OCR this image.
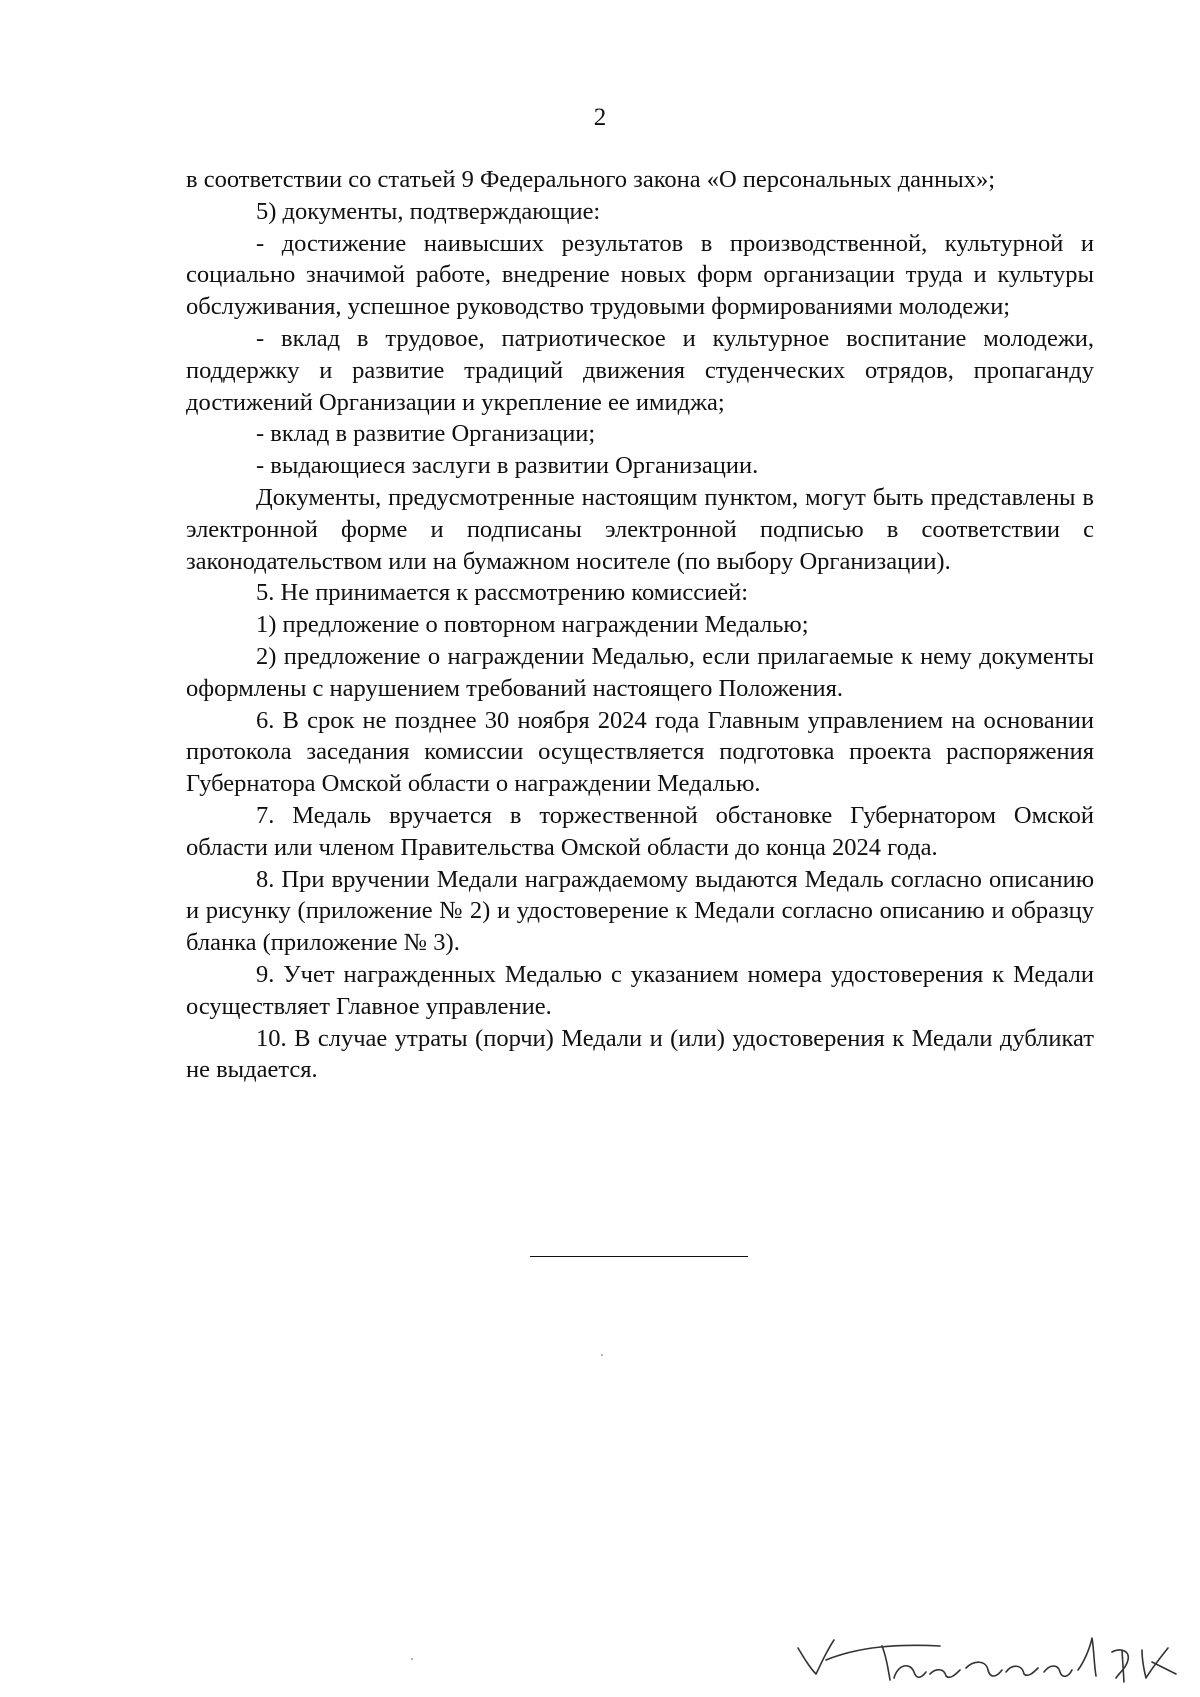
2

в соответствии со статьей 9 Федерального закона «О персональных данных»;

5) документы, подтверждающие:

- достижение наивысших результатов в производственной, культурной и социально значимой работе, внедрение новых форм организации труда и культуры обслуживания, успешное руководство трудовыми формированиями молодежи;

- вклад в трудовое, патриотическое и культурное воспитание молодежи, поддержку и развитие традиций движения студенческих отрядов, пропаганду достижений Организации и укрепление ее имиджа;

- вклад в развитие Организации;

- выдающиеся заслуги в развитии Организации.

Документы, предусмотренные настоящим пунктом, могут быть представлены в электронной форме и подписаны электронной подписью в соответствии с законодательством или на бумажном носителе (по выбору Организации).

5. Не принимается к рассмотрению комиссией:

1) предложение о повторном награждении Медалью;

2) предложение о награждении Медалью, если прилагаемые к нему документы оформлены с нарушением требований настоящего Положения.

6. В срок не позднее 30 ноября 2024 года Главным управлением на основании протокола заседания комиссии осуществляется подготовка проекта распоряжения Губернатора Омской области о награждении Медалью.

7. Медаль вручается в торжественной обстановке Губернатором Омской области или членом Правительства Омской области до конца 2024 года.

8. При вручении Медали награждаемому выдаются Медаль согласно описанию и рисунку (приложение № 2) и удостоверение к Медали согласно описанию и образцу бланка (приложение № 3).

9. Учет награжденных Медалью с указанием номера удостоверения к Медали осуществляет Главное управление.

10. В случае утраты (порчи) Медали и (или) удостоверения к Медали дубликат не выдается.
